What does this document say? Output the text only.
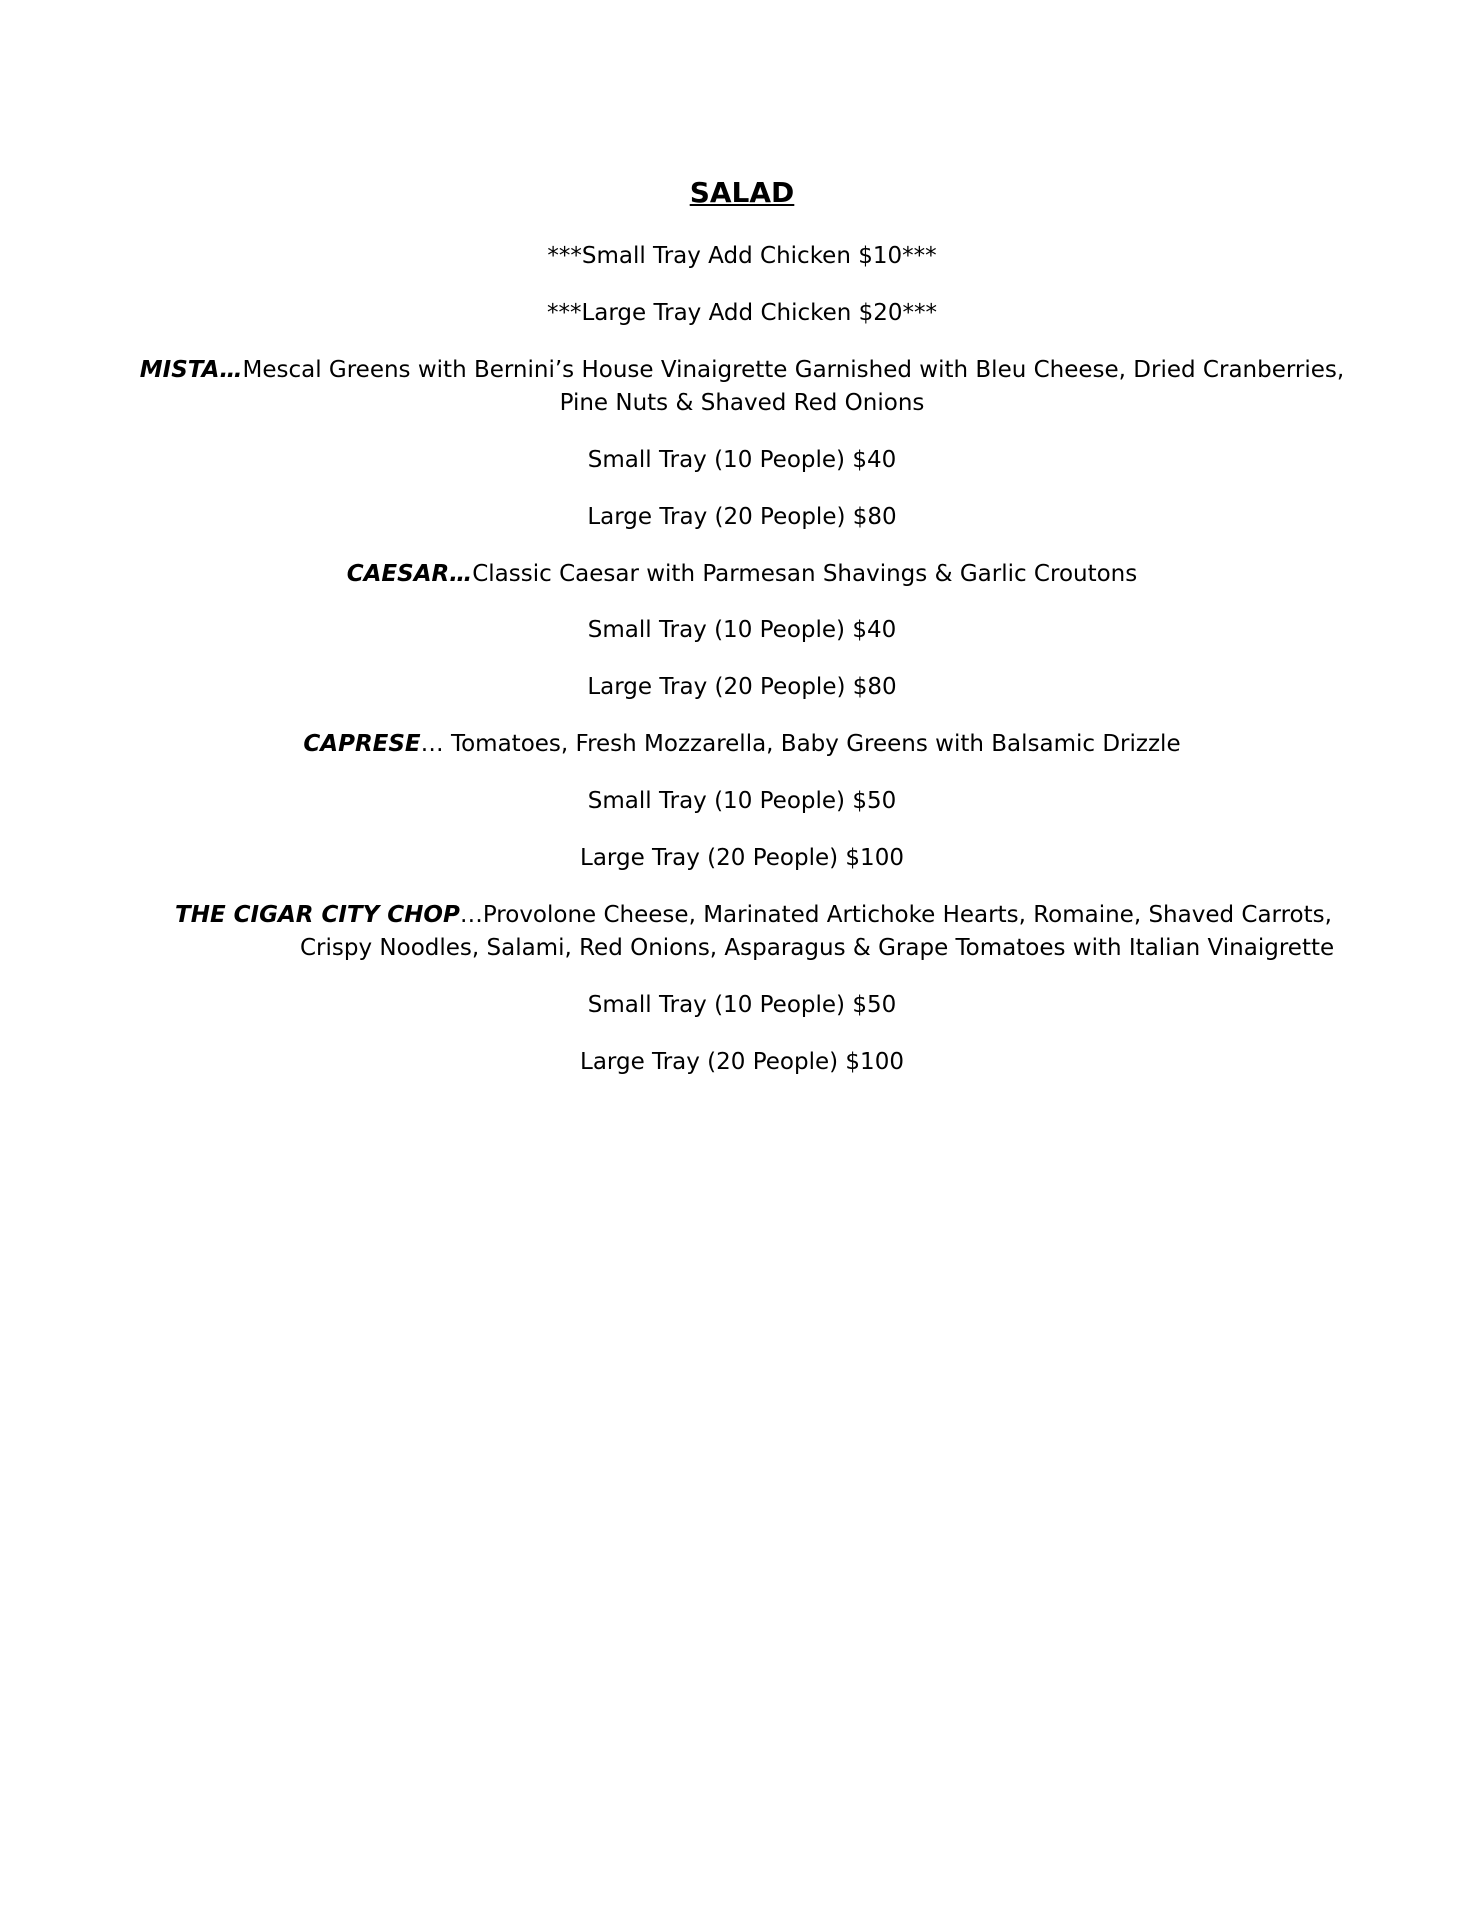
SALAD
***Small Tray Add Chicken $10***
***Large Tray Add Chicken $20***
MISTA…Mescal Greens with Bernini’s House Vinaigrette Garnished with Bleu Cheese, Dried Cranberries,
Pine Nuts & Shaved Red Onions
Small Tray (10 People) $40
Large Tray (20 People) $80
CAESAR…Classic Caesar with Parmesan Shavings & Garlic Croutons
Small Tray (10 People) $40
Large Tray (20 People) $80
CAPRESE… Tomatoes, Fresh Mozzarella, Baby Greens with Balsamic Drizzle
Small Tray (10 People) $50
Large Tray (20 People) $100
THE CIGAR CITY CHOP…Provolone Cheese, Marinated Artichoke Hearts, Romaine, Shaved Carrots,
Crispy Noodles, Salami, Red Onions, Asparagus & Grape Tomatoes with Italian Vinaigrette
Small Tray (10 People) $50
Large Tray (20 People) $100
